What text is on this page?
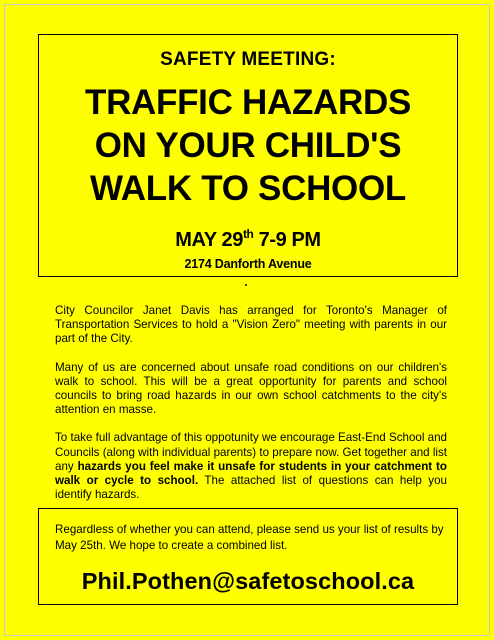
SAFETY MEETING:
TRAFFIC HAZARDS
ON YOUR CHILD'S
WALK TO SCHOOL
MAY 29th 7-9 PM
2174 Danforth Avenue

City Councilor Janet Davis has arranged for Toronto's Manager of Transportation Services to hold a "Vision Zero" meeting with parents in our part of the City.

Many of us are concerned about unsafe road conditions on our children's walk to school. This will be a great opportunity for parents and school councils to bring road hazards in our own school catchments to the city's attention en masse.

To take full advantage of this oppotunity we encourage East-End School and Councils (along with individual parents) to prepare now. Get together and list any hazards you feel make it unsafe for students in your catchment to walk or cycle to school. The attached list of questions can help you identify hazards.

Regardless of whether you can attend, please send us your list of results by May 25th. We hope to create a combined list.
Phil.Pothen@safetoschool.ca
